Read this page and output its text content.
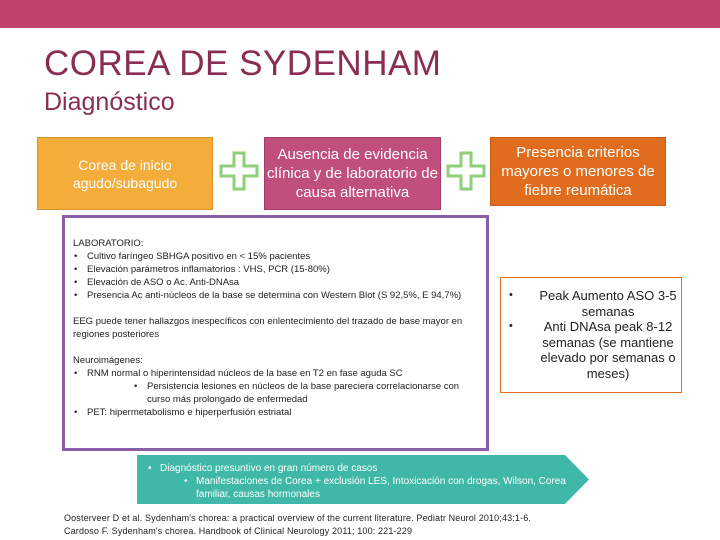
COREA DE SYDENHAM
Diagnóstico
Corea de inicio agudo/subagudo
Ausencia de evidencia clínica y de laboratorio de causa alternativa
Presencia criterios mayores o menores de fiebre reumática
LABORATORIO:
• Cultivo faríngeo SBHGA positivo en < 15% pacientes
• Elevación parámetros inflamatorios : VHS, PCR (15-80%)
• Elevación de ASO o Ac. Anti-DNAsa
• Presencia Ac anti-núcleos de la base se determina con Western Blot (S 92,5%, E 94,7%)
EEG puede tener hallazgos inespecíficos con enlentecimiento del trazado de base mayor en regiones posteriores
Neuroimágenes:
• RNM normal o hiperintensidad núcleos de la base en T2 en fase aguda SC
• Persistencia lesiones en núcleos de la base pareciera correlacionarse con curso más prolongado de enfermedad
• PET: hipermetabolismo e hiperperfusión estriatal
• Peak Aumento ASO 3-5 semanas
• Anti DNAsa peak 8-12 semanas (se mantiene elevado por semanas o meses)
• Diagnóstico presuntivo en gran número de casos
• Manifestaciones de Corea + exclusión LES, Intoxicación con drogas, Wilson, Corea familiar, causas hormonales
Oosterveer D et al. Sydenham's chorea: a practical overview of the current literature. Pediatr Neurol 2010;43:1-6.
Cardoso F. Sydenham's chorea. Handbook of Clinical Neurology 2011; 100: 221-229
